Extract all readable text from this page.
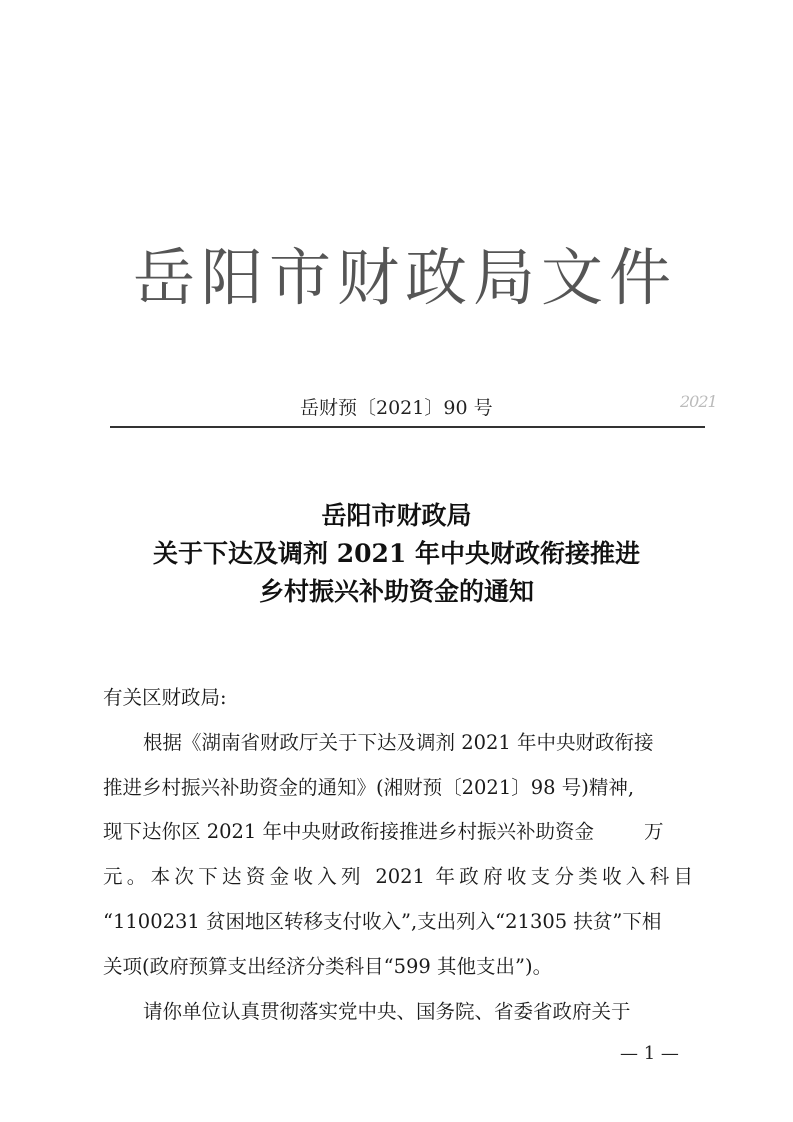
岳阳市财政局文件
岳财预〔2021〕90 号	2021
岳阳市财政局
关于下达及调剂 2021 年中央财政衔接推进
乡村振兴补助资金的通知
有关区财政局:
根据《湖南省财政厅关于下达及调剂 2021 年中央财政衔接
推进乡村振兴补助资金的通知》(湘财预〔2021〕98 号)精神,
现下达你区 2021 年中央财政衔接推进乡村振兴补助资金	万
元。本次下达资金收入列 2021 年政府收支分类收入科目
“1100231 贫困地区转移支付收入”,支出列入“21305 扶贫”下相
关项(政府预算支出经济分类科目“599 其他支出”)。
请你单位认真贯彻落实党中央、国务院、省委省政府关于
— 1 —
